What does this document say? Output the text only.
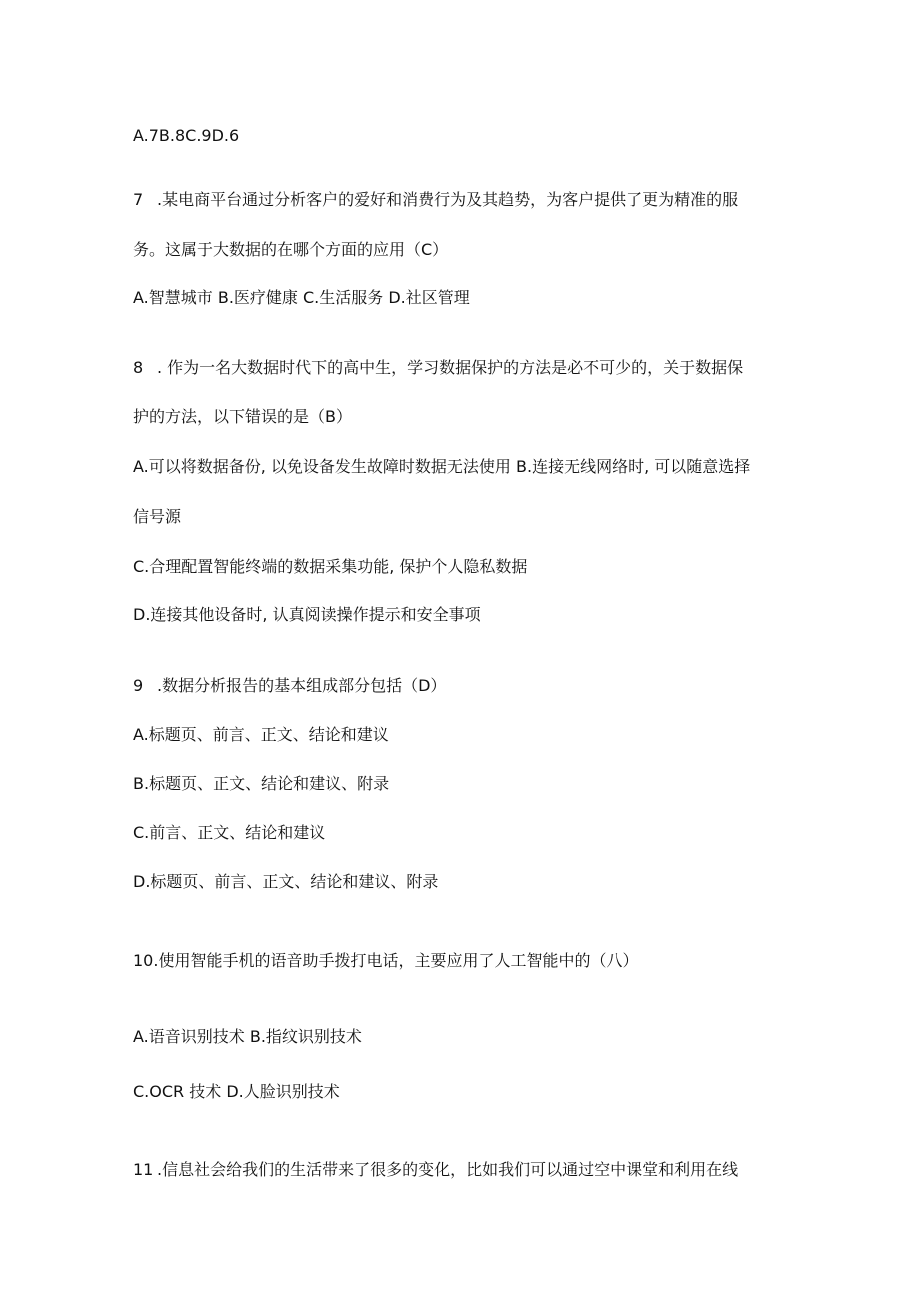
A.7B.8C.9D.6
7 .某电商平台通过分析客户的爱好和消费行为及其趋势，为客户提供了更为精准的服
务。这属于大数据的在哪个方面的应用（C）
A.智慧城市 B.医疗健康 C.生活服务 D.社区管理
8 . 作为一名大数据时代下的高中生，学习数据保护的方法是必不可少的，关于数据保
护的方法，以下错误的是（B）
A.可以将数据备份, 以免设备发生故障时数据无法使用 B.连接无线网络时, 可以随意选择
信号源
C.合理配置智能终端的数据采集功能, 保护个人隐私数据
D.连接其他设备时, 认真阅读操作提示和安全事项
9 .数据分析报告的基本组成部分包括（D）
A.标题页、前言、正文、结论和建议
B.标题页、正文、结论和建议、附录
C.前言、正文、结论和建议
D.标题页、前言、正文、结论和建议、附录
10.使用智能手机的语音助手拨打电话，主要应用了人工智能中的（八）
A.语音识别技术 B.指纹识别技术
C.OCR 技术 D.人脸识别技术
11 .信息社会给我们的生活带来了很多的变化，比如我们可以通过空中课堂和利用在线
